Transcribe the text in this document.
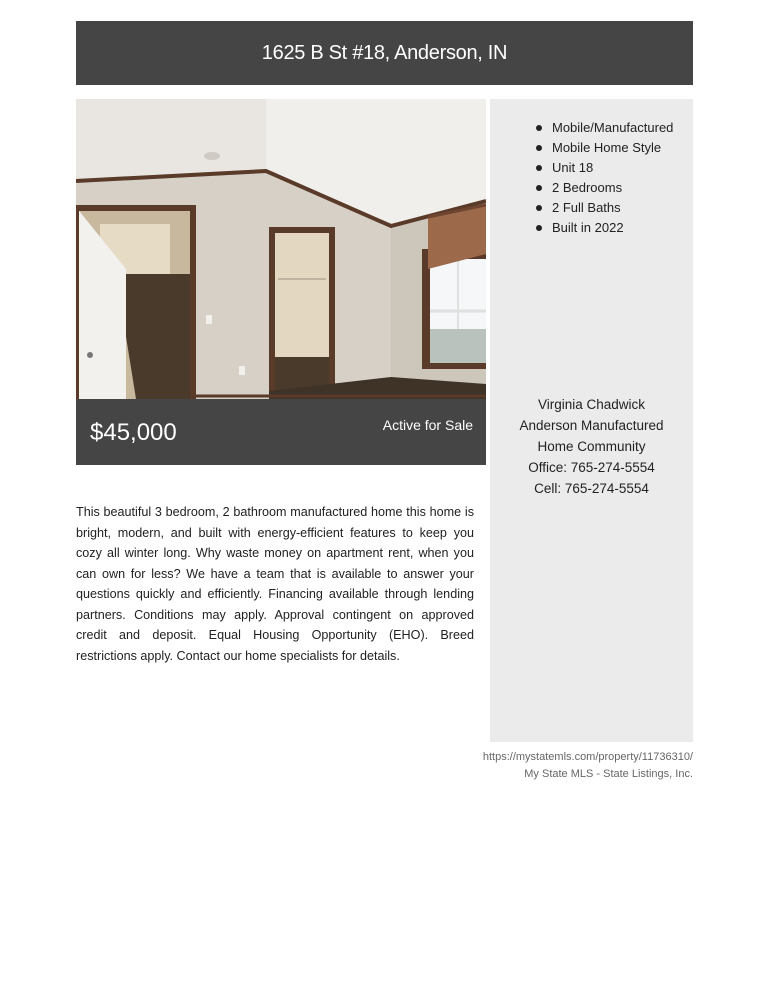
1625 B St #18, Anderson, IN
$45,000	Active for Sale
Mobile/Manufactured
Mobile Home Style
Unit 18
2 Bedrooms
2 Full Baths
Built in 2022
Virginia Chadwick
Anderson Manufactured
Home Community
Office: 765-274-5554
Cell: 765-274-5554
This beautiful 3 bedroom, 2 bathroom manufactured home this home is bright, modern, and built with energy-efficient features to keep you cozy all winter long. Why waste money on apartment rent, when you can own for less? We have a team that is available to answer your questions quickly and efficiently. Financing available through lending partners. Conditions may apply. Approval contingent on approved credit and deposit. Equal Housing Opportunity (EHO). Breed restrictions apply. Contact our home specialists for details.
https://mystatemls.com/property/11736310/
My State MLS - State Listings, Inc.
